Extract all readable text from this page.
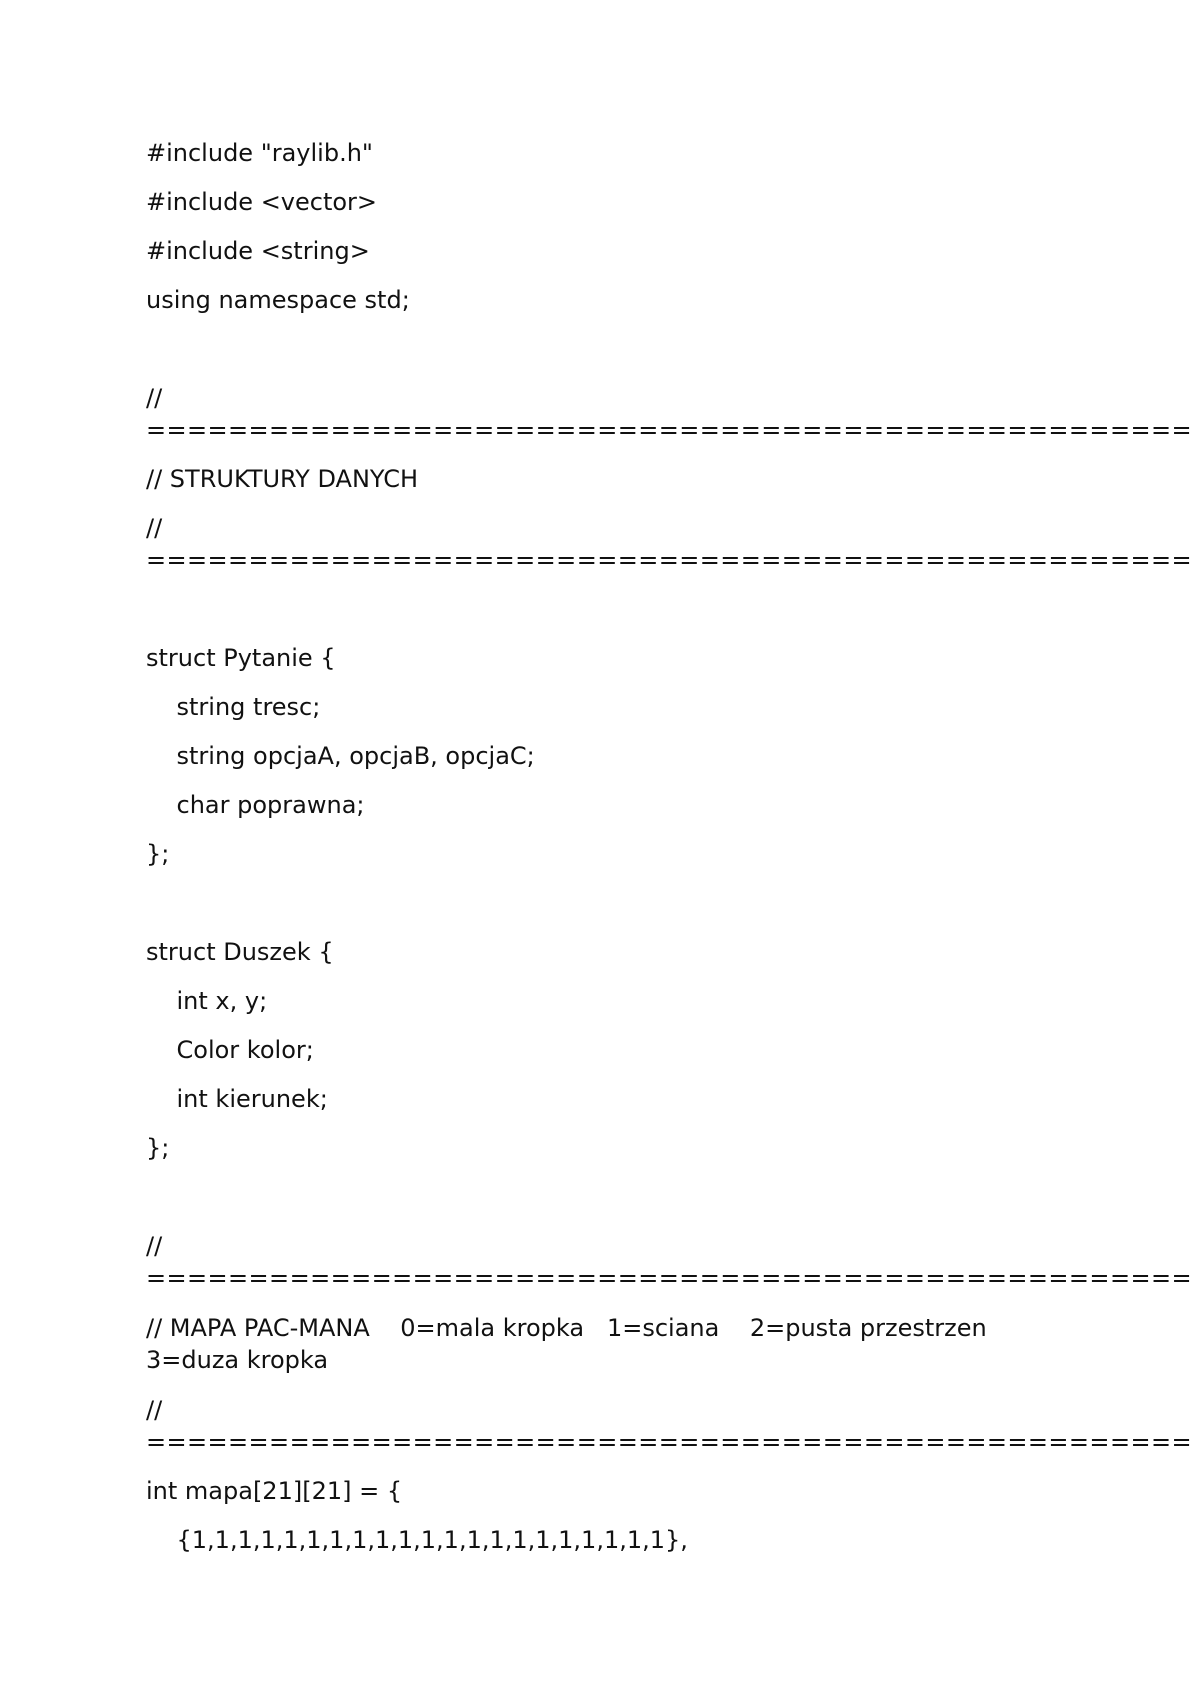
#include "raylib.h"
#include <vector>
#include <string>
using namespace std;
//
===================================================
// STRUKTURY DANYCH
//
===================================================
struct Pytanie {
string tresc;
string opcjaA, opcjaB, opcjaC;
char poprawna;
};
struct Duszek {
int x, y;
Color kolor;
int kierunek;
};
//
===================================================
// MAPA PAC-MANA    0=mala kropka   1=sciana    2=pusta przestrzen 3=duza kropka
//
===================================================
int mapa[21][21] = {
{1,1,1,1,1,1,1,1,1,1,1,1,1,1,1,1,1,1,1,1,1},
